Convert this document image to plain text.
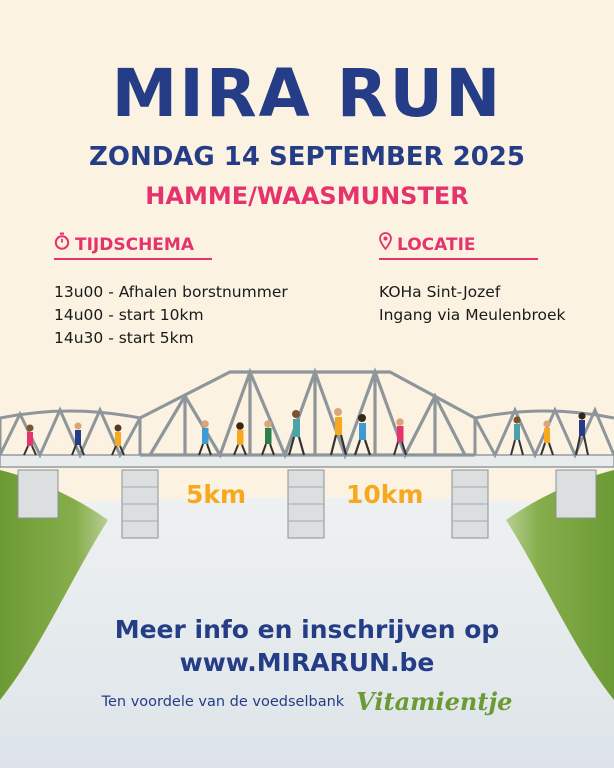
MIRA RUN
ZONDAG 14 SEPTEMBER 2025
HAMME/WAASMUNSTER
TIJDSCHEMA	LOCATIE
13u00 - Afhalen borstnummer
14u00 - start 10km
14u30 - start 5km
KOHa Sint-Jozef
Ingang via Meulenbroek
5km	10km
Meer info en inschrijven op
www.MIRARUN.be
Ten voordele van de voedselbank Vitamientje
